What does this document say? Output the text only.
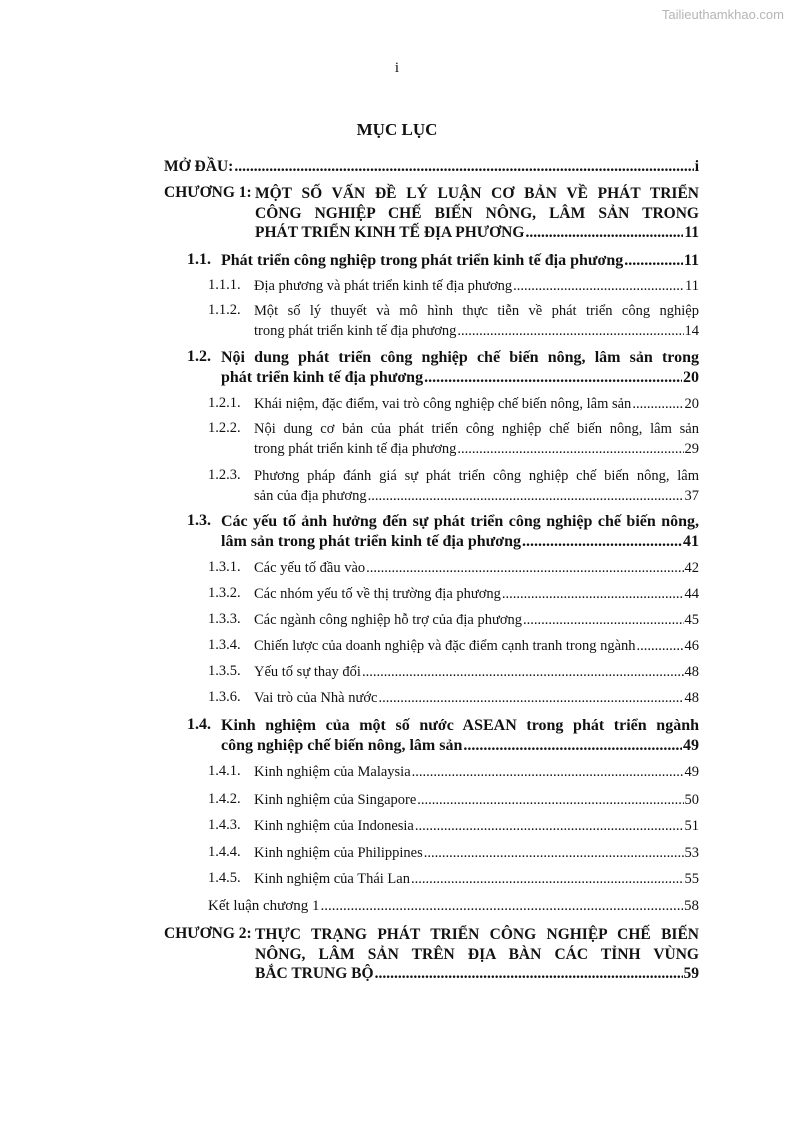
Tailieuthamkhao.com
i
MỤC LỤC
MỞ ĐẦU: .....	i
CHƯƠNG 1: MỘT SỐ VẤN ĐỀ LÝ LUẬN CƠ BẢN VỀ PHÁT TRIỂN
CÔNG NGHIỆP CHẾ BIẾN NÔNG, LÂM SẢN TRONG
PHÁT TRIỂN KINH TẾ ĐỊA PHƯƠNG .....	11
1.1. Phát triển công nghiệp trong phát triển kinh tế địa phương .....	11
1.1.1. Địa phương và phát triển kinh tế địa phương .....	11
1.1.2. Một số lý thuyết và mô hình thực tiễn về phát triển công nghiệp
trong phát triển kinh tế địa phương .....	14
1.2. Nội dung phát triển công nghiệp chế biến nông, lâm sản trong
phát triển kinh tế địa phương .....	20
1.2.1. Khái niệm, đặc điểm, vai trò công nghiệp chế biến nông, lâm sản .....	20
1.2.2. Nội dung cơ bản của phát triển công nghiệp chế biến nông, lâm sản
trong phát triển kinh tế địa phương .....	29
1.2.3. Phương pháp đánh giá sự phát triển công nghiệp chế biến nông, lâm
sản của địa phương .....	37
1.3. Các yếu tố ảnh hưởng đến sự phát triển công nghiệp chế biến nông,
lâm sản trong phát triển kinh tế địa phương .....	41
1.3.1. Các yếu tố đầu vào .....	42
1.3.2. Các nhóm yếu tố về thị trường địa phương .....	44
1.3.3. Các ngành công nghiệp hỗ trợ của địa phương .....	45
1.3.4. Chiến lược của doanh nghiệp và đặc điểm cạnh tranh trong ngành .....	46
1.3.5. Yếu tố sự thay đổi .....	48
1.3.6. Vai trò của Nhà nước .....	48
1.4. Kinh nghiệm của một số nước ASEAN trong phát triển ngành
công nghiệp chế biến nông, lâm sản .....	49
1.4.1. Kinh nghiệm của Malaysia .....	49
1.4.2. Kinh nghiệm của Singapore .....	50
1.4.3. Kinh nghiệm của Indonesia .....	51
1.4.4. Kinh nghiệm của Philippines .....	53
1.4.5. Kinh nghiệm của Thái Lan .....	55
Kết luận chương 1 .....	58
CHƯƠNG 2: THỰC TRẠNG PHÁT TRIỂN CÔNG NGHIỆP CHẾ BIẾN
NÔNG, LÂM SẢN TRÊN ĐỊA BÀN CÁC TỈNH VÙNG
BẮC TRUNG BỘ .....	59
